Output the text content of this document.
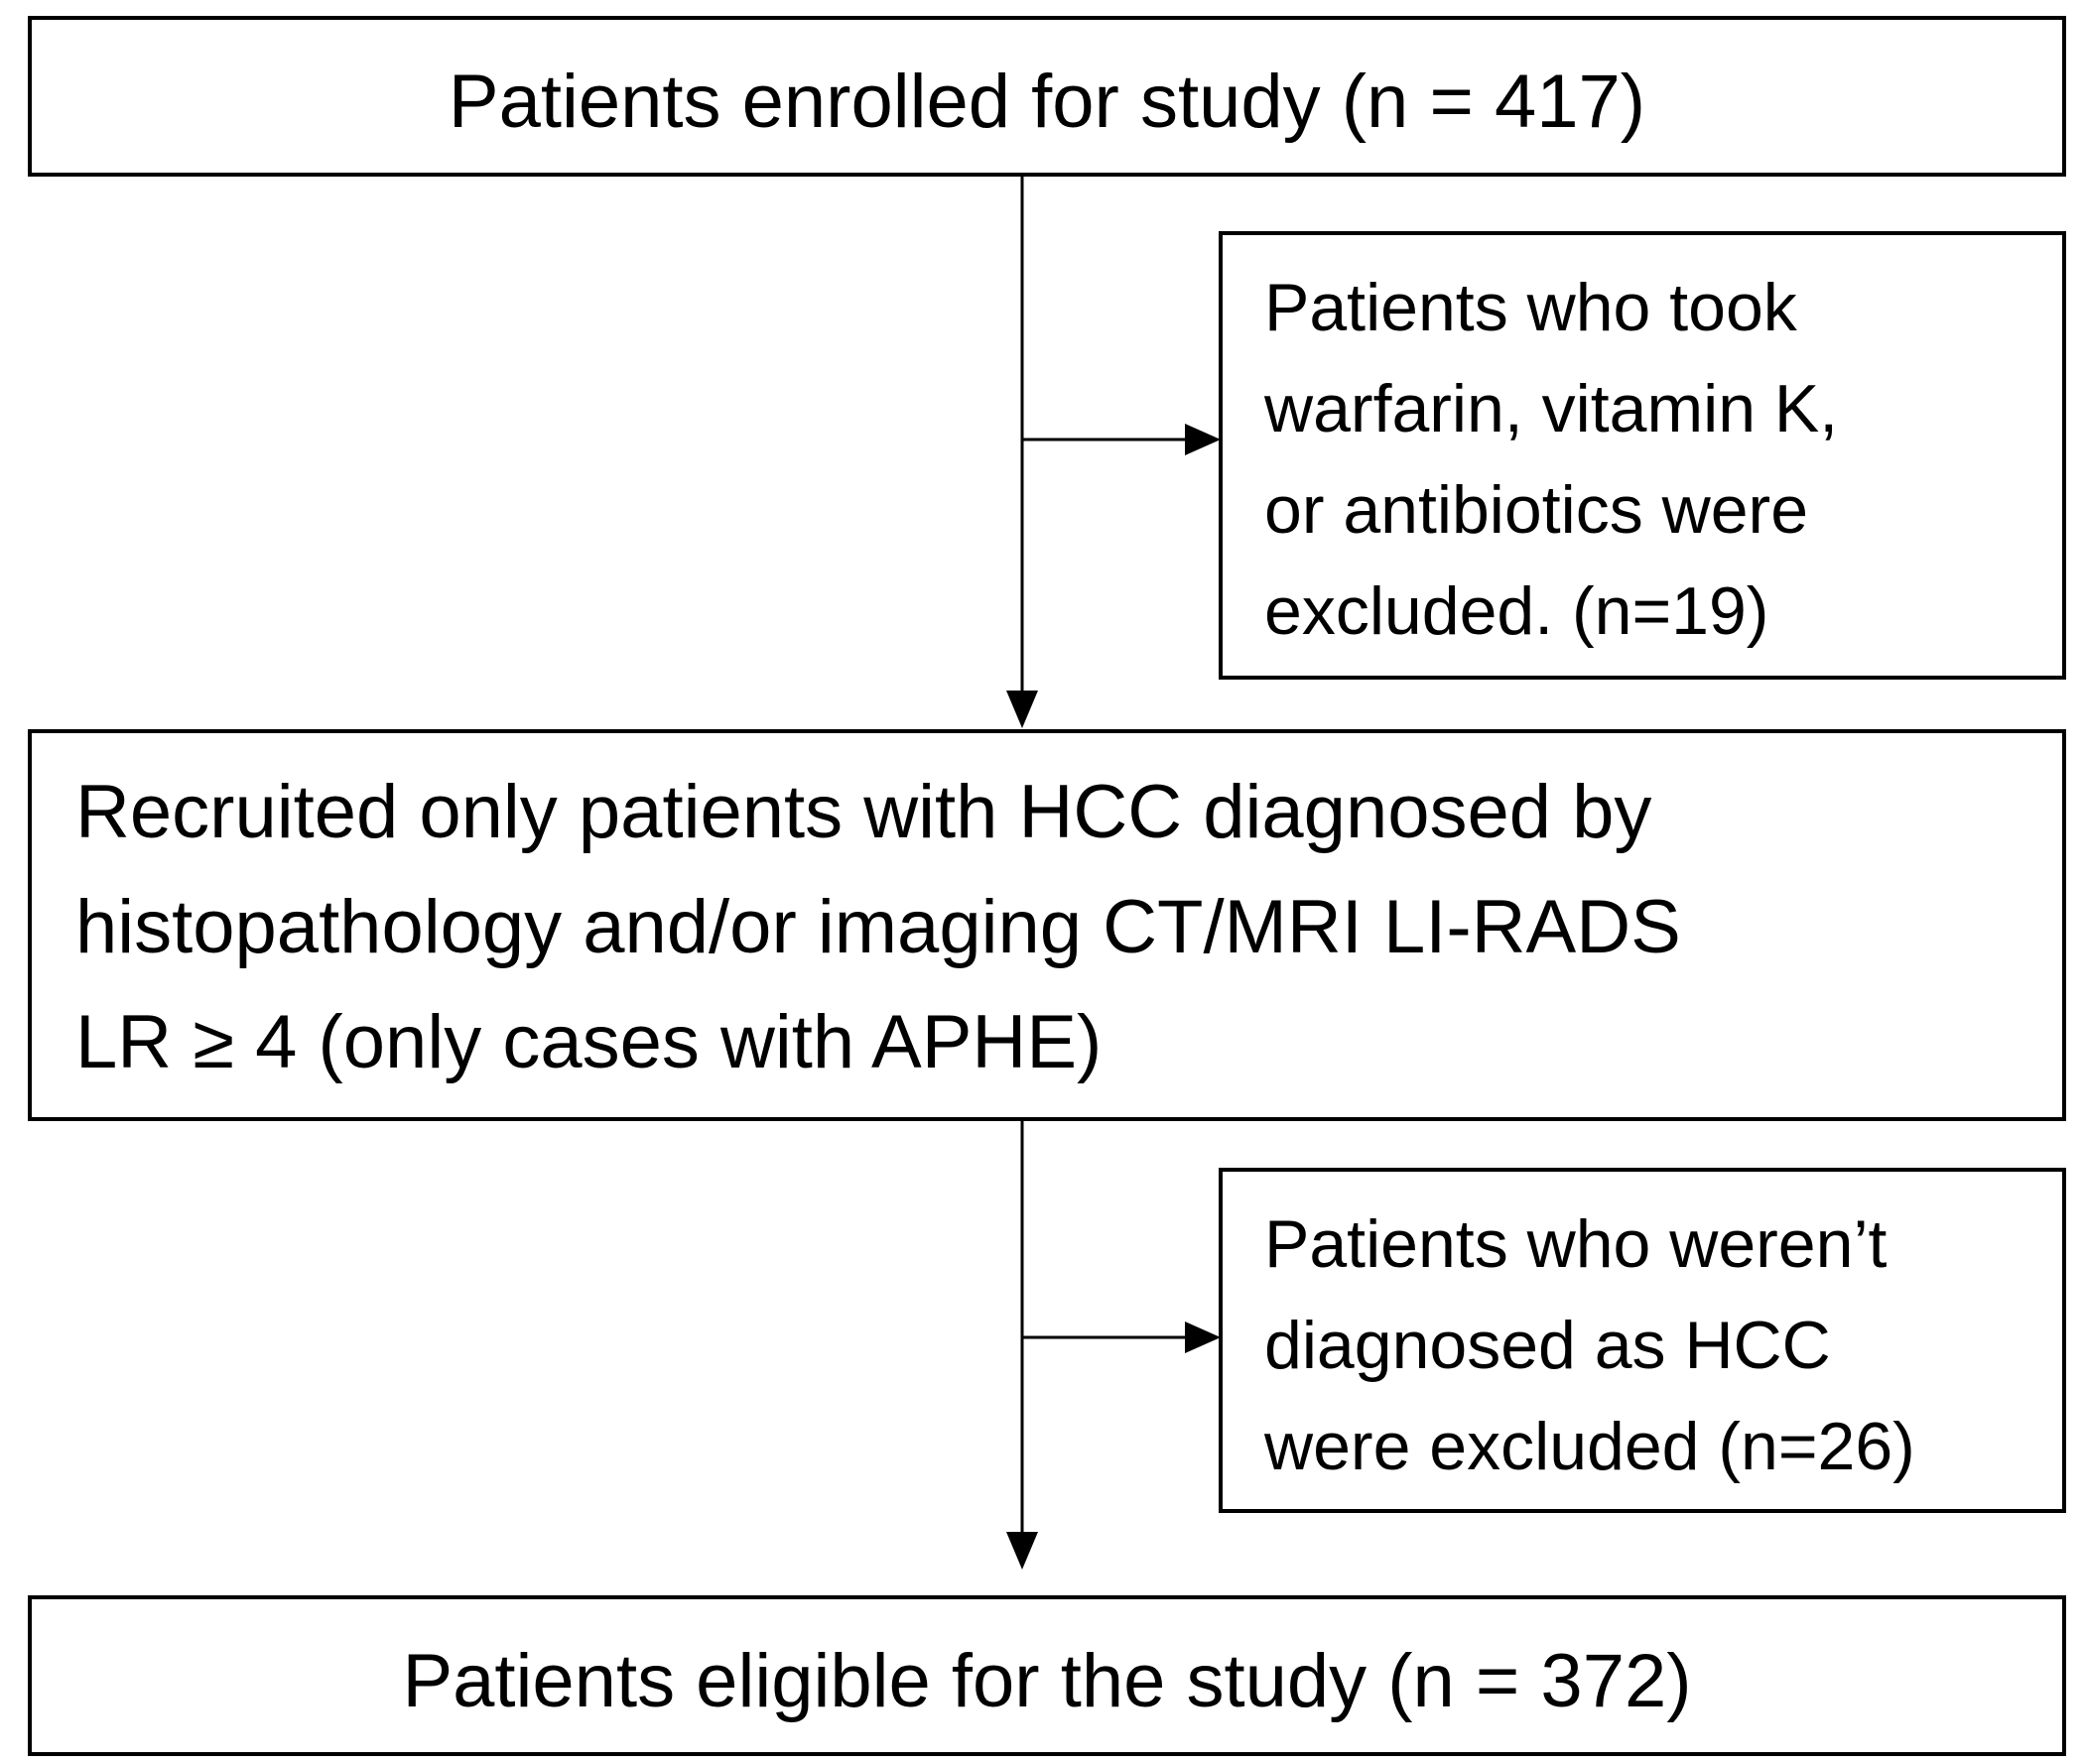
Patients enrolled for study (n = 417)
Patients who took
warfarin, vitamin K,
or antibiotics were
excluded. (n=19)
Recruited only patients with HCC diagnosed by
histopathology and/or imaging CT/MRI LI-RADS
LR ≥ 4 (only cases with APHE)
Patients who weren’t
diagnosed as HCC
were excluded (n=26)
Patients eligible for the study (n = 372)
